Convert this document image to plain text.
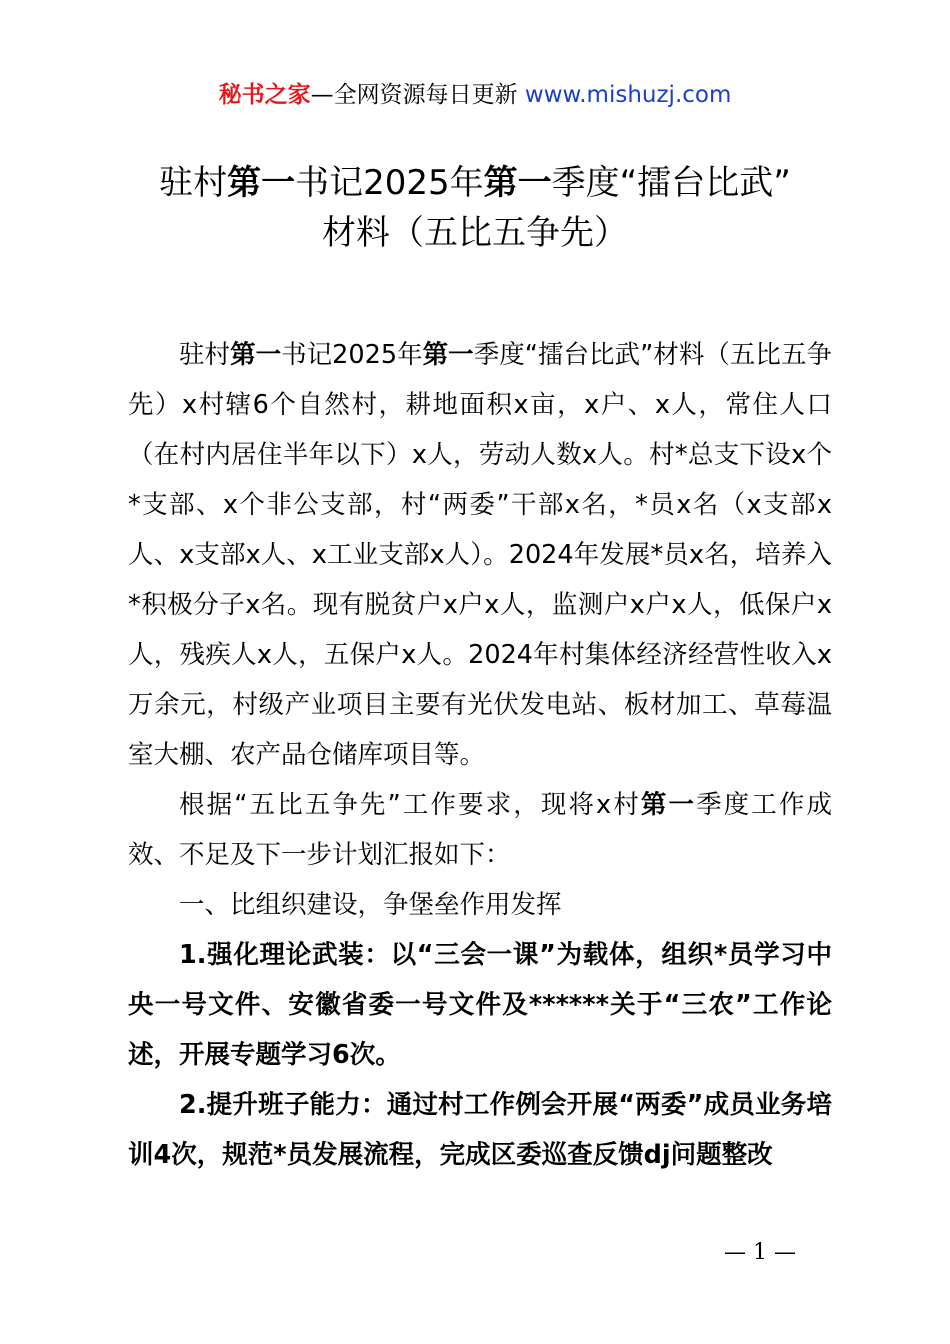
秘书之家—全网资源每日更新 www.mishuzj.com
驻村第一书记2025年第一季度“擂台比武”
材料（五比五争先）

驻村第一书记2025年第一季度“擂台比武”材料（五比五争先）x村辖6个自然村，耕地面积x亩，x户、x人，常住人口（在村内居住半年以下）x人，劳动人数x人。村*总支下设x个*支部、x个非公支部，村“两委”干部x名，*员x名（x支部x人、x支部x人、x工业支部x人）。2024年发展*员x名，培养入*积极分子x名。现有脱贫户x户x人，监测户x户x人，低保户x人，残疾人x人，五保户x人。2024年村集体经济经营性收入x万余元，村级产业项目主要有光伏发电站、板材加工、草莓温室大棚、农产品仓储库项目等。

根据“五比五争先”工作要求，现将x村第一季度工作成效、不足及下一步计划汇报如下：

一、比组织建设，争堡垒作用发挥

1.强化理论武装：以“三会一课”为载体，组织*员学习中央一号文件、安徽省委一号文件及******关于“三农”工作论述，开展专题学习6次。

2.提升班子能力：通过村工作例会开展“两委”成员业务培训4次，规范*员发展流程，完成区委巡查反馈dj问题整改

— 1 —
